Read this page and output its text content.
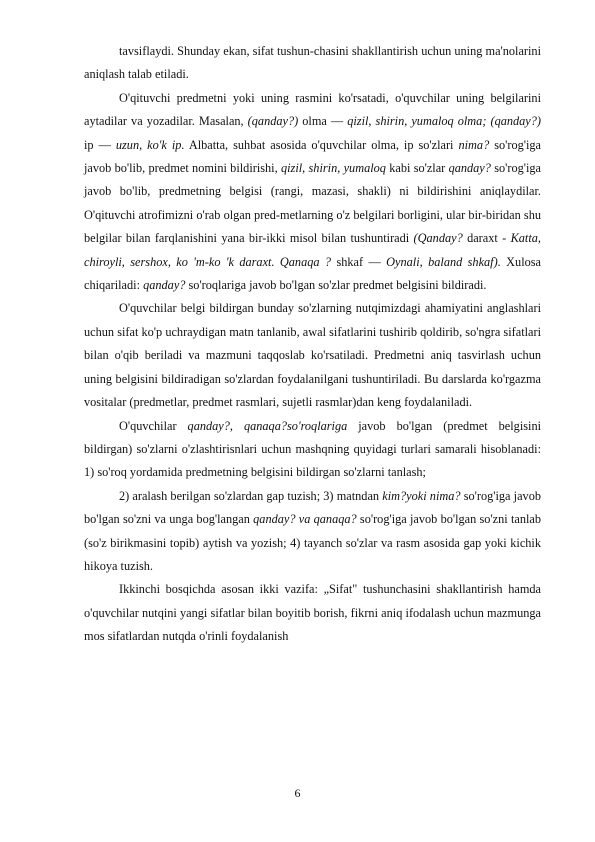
tavsiflaydi. Shunday ekan, sifat tushun-chasini shakllantirish uchun uning ma'nolarini aniqlash talab etiladi.

O'qituvchi predmetni yoki uning rasmini ko'rsatadi, o'quvchilar uning belgilarini aytadilar va yozadilar. Masalan, (qanday?) olma — qizil, shirin, yumaloq olma; (qanday?) ip — uzun, ko'k ip. Albatta, suhbat asosida o'quvchilar olma, ip so'zlari nima? so'rog'iga javob bo'lib, predmet nomini bildirishi, qizil, shirin, yumaloq kabi so'zlar qanday? so'rog'iga javob bo'lib, predmetning belgisi (rangi, mazasi, shakli) ni bildirishini aniqlaydilar. O'qituvchi atrofimizni o'rab olgan pred-metlarning o'z belgilari borligini, ular bir-biridan shu belgilar bilan farqlanishini yana bir-ikki misol bilan tushuntiradi (Qanday? daraxt - Katta, chiroyli, sershox, ko 'm-ko 'k daraxt. Qanaqa ? shkaf — Oynali, baland shkaf). Xulosa chiqariladi: qanday? so'roqlariga javob bo'lgan so'zlar predmet belgisini bildiradi.

O'quvchilar belgi bildirgan bunday so'zlarning nutqimizdagi ahamiyatini anglashlari uchun sifat ko'p uchraydigan matn tanlanib, awal sifatlarini tushirib qoldirib, so'ngra sifatlari bilan o'qib beriladi va mazmuni taqqoslab ko'rsatiladi. Predmetni aniq tasvirlash uchun uning belgisini bildiradigan so'zlardan foydalanilgani tushuntiriladi. Bu darslarda ko'rgazma vositalar (predmetlar, predmet rasmlari, sujetli rasmlar)dan keng foydalaniladi.

O'quvchilar qanday?, qanaqa?so'roqlariga javob bo'lgan (predmet belgisini bildirgan) so'zlarni o'zlashtirisnlari uchun mashqning quyidagi turlari samarali hisoblanadi: 1) so'roq yordamida predmetning belgisini bildirgan so'zlarni tanlash;

2) aralash berilgan so'zlardan gap tuzish; 3) matndan kim?yoki nima? so'rog'iga javob bo'lgan so'zni va unga bog'langan qanday? va qanaqa? so'rog'iga javob bo'lgan so'zni tanlab (so'z birikmasini topib) aytish va yozish; 4) tayanch so'zlar va rasm asosida gap yoki kichik hikoya tuzish.

Ikkinchi bosqichda asosan ikki vazifa: „Sifat" tushunchasini shakllantirish hamda o'quvchilar nutqini yangi sifatlar bilan boyitib borish, fikrni aniq ifodalash uchun mazmunga mos sifatlardan nutqda o'rinli foydalanish

6
